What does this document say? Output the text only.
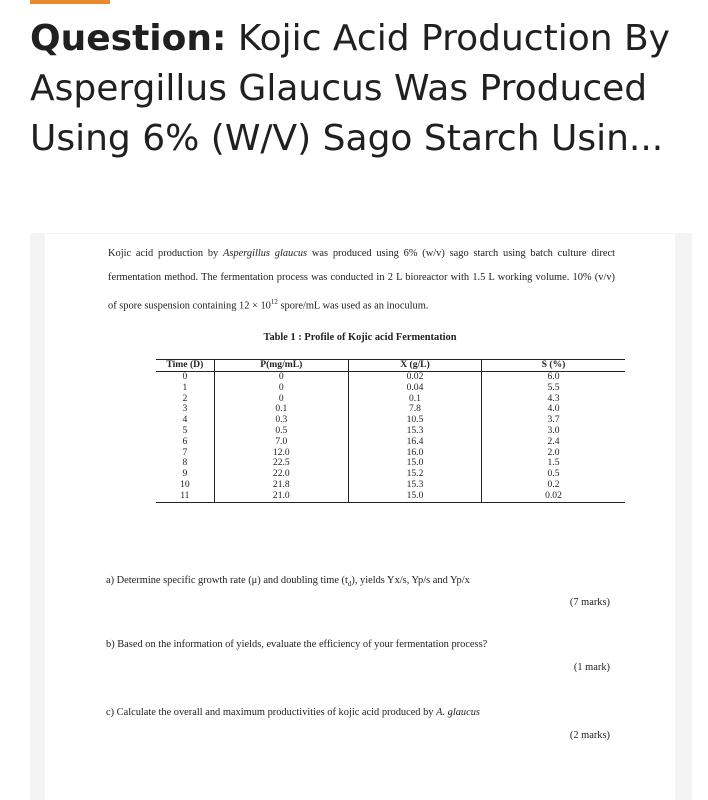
Question: Kojic Acid Production By Aspergillus Glaucus Was Produced Using 6% (W/V) Sago Starch Usin...

Kojic acid production by Aspergillus glaucus was produced using 6% (w/v) sago starch using batch culture direct fermentation method. The fermentation process was conducted in 2 L bioreactor with 1.5 L working volume. 10% (v/v) of spore suspension containing $12 \times 10^{12}$ spore/mL was used as an inoculum.

Table 1 : Profile of Kojic acid Fermentation
Time (D)	P(mg/mL)	X (g/L)	S (%)
0	0	0.02	6.0
1	0	0.04	5.5
2	0	0.1	4.3
3	0.1	7.8	4.0
4	0.3	10.5	3.7
5	0.5	15.3	3.0
6	7.0	16.4	2.4
7	12.0	16.0	2.0
8	22.5	15.0	1.5
9	22.0	15.2	0.5
10	21.8	15.3	0.2
11	21.0	15.0	0.02

a) Determine specific growth rate (μ) and doubling time $(t_d)$, yields Yx/s, Yp/s and Yp/x

(7 marks)

b) Based on the information of yields, evaluate the efficiency of your fermentation process?

(1 mark)

c) Calculate the overall and maximum productivities of kojic acid produced by A. glaucus

(2 marks)
